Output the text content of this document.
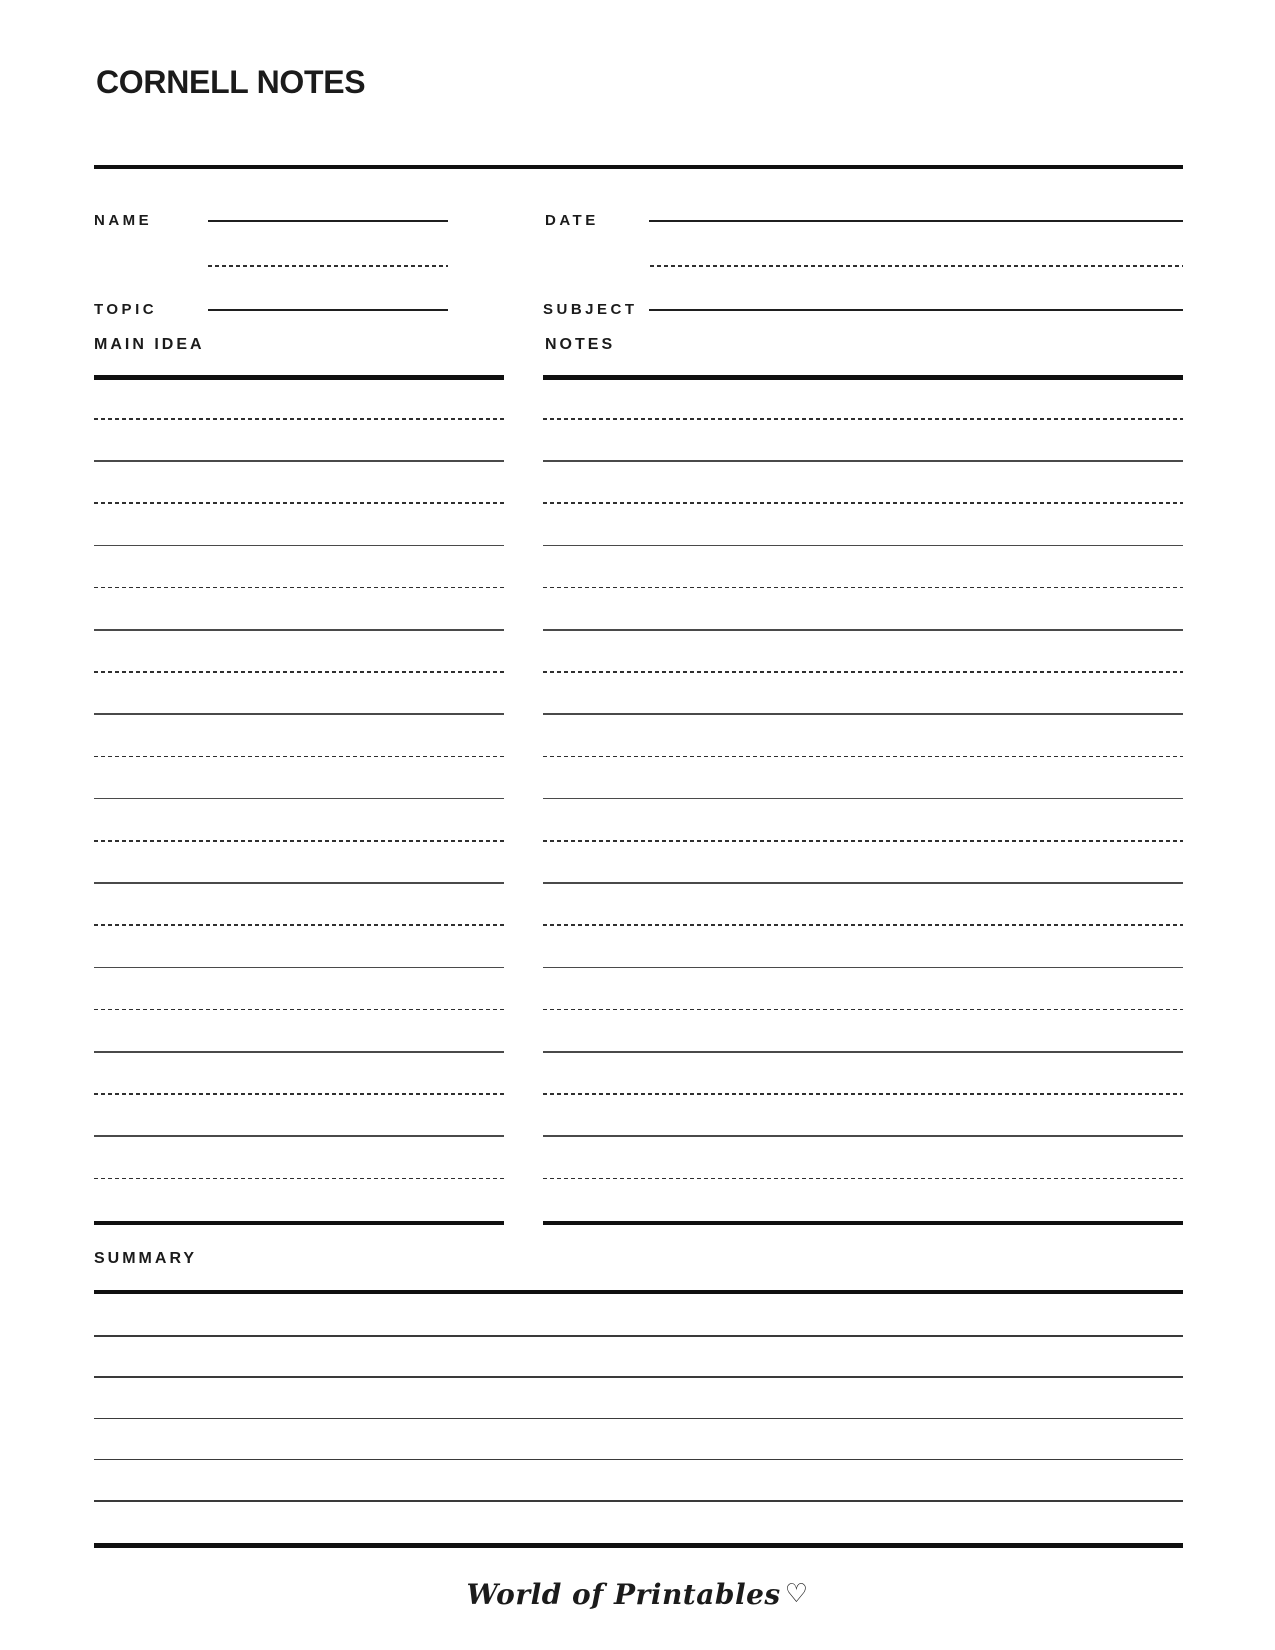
CORNELL NOTES
NAME	DATE
TOPIC	SUBJECT
MAIN IDEA	NOTES
SUMMARY
World of Printables ♡
